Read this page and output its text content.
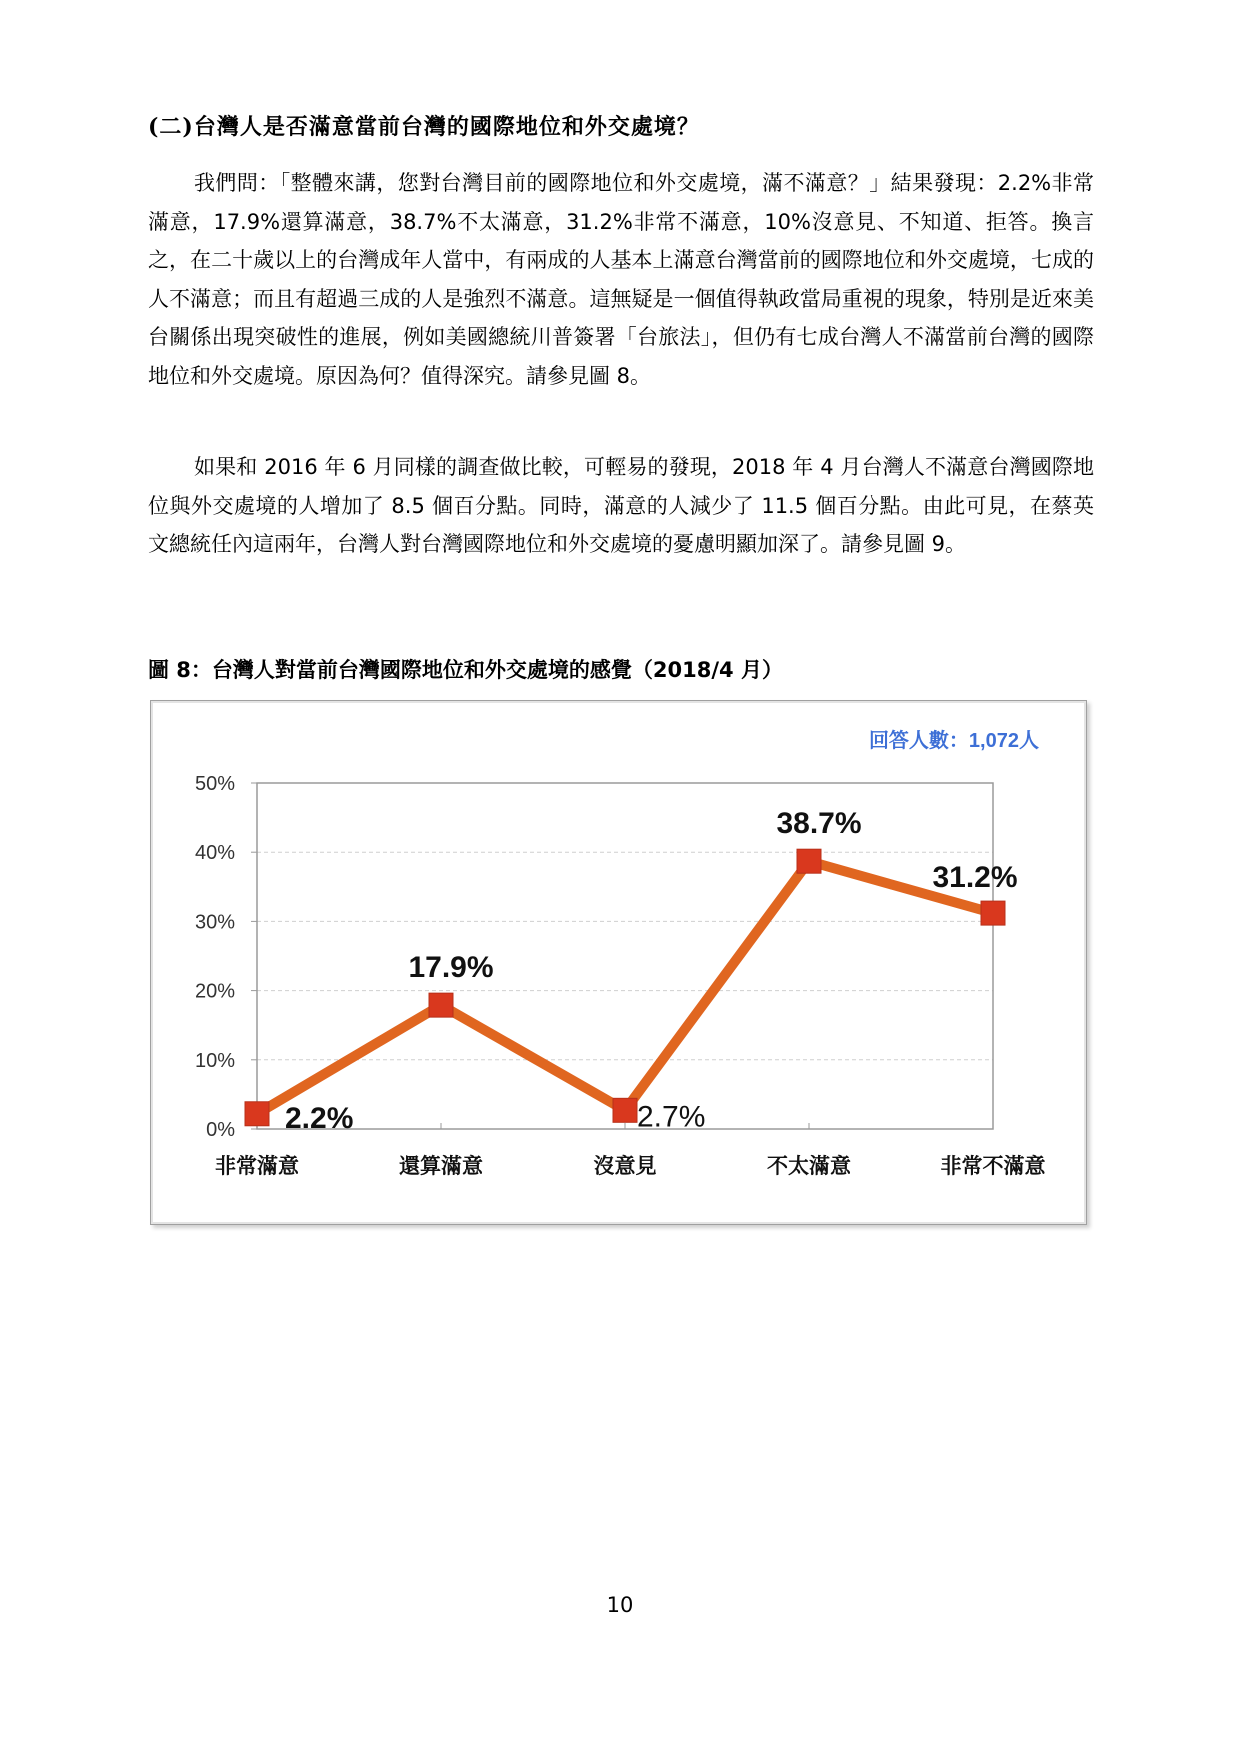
(二)台灣人是否滿意當前台灣的國際地位和外交處境？

我們問：「整體來講，您對台灣目前的國際地位和外交處境，滿不滿意？」結果發現：2.2%非常滿意，17.9%還算滿意，38.7%不太滿意，31.2%非常不滿意，10%沒意見、不知道、拒答。換言之，在二十歲以上的台灣成年人當中，有兩成的人基本上滿意台灣當前的國際地位和外交處境，七成的人不滿意；而且有超過三成的人是強烈不滿意。這無疑是一個值得執政當局重視的現象，特別是近來美台關係出現突破性的進展，例如美國總統川普簽署「台旅法」，但仍有七成台灣人不滿當前台灣的國際地位和外交處境。原因為何？值得深究。請參見圖 8。

如果和 2016 年 6 月同樣的調查做比較，可輕易的發現，2018 年 4 月台灣人不滿意台灣國際地位與外交處境的人增加了 8.5 個百分點。同時，滿意的人減少了 11.5 個百分點。由此可見，在蔡英文總統任內這兩年，台灣人對台灣國際地位和外交處境的憂慮明顯加深了。請參見圖 9。

圖 8：台灣人對當前台灣國際地位和外交處境的感覺（2018/4 月）
0%
10%
20%
30%
40%
50%
非常滿意	還算滿意	沒意見	不太滿意	非常不滿意
2.2%
17.9%
2.7%
38.7%
31.2%
回答人數：1,072人
10
